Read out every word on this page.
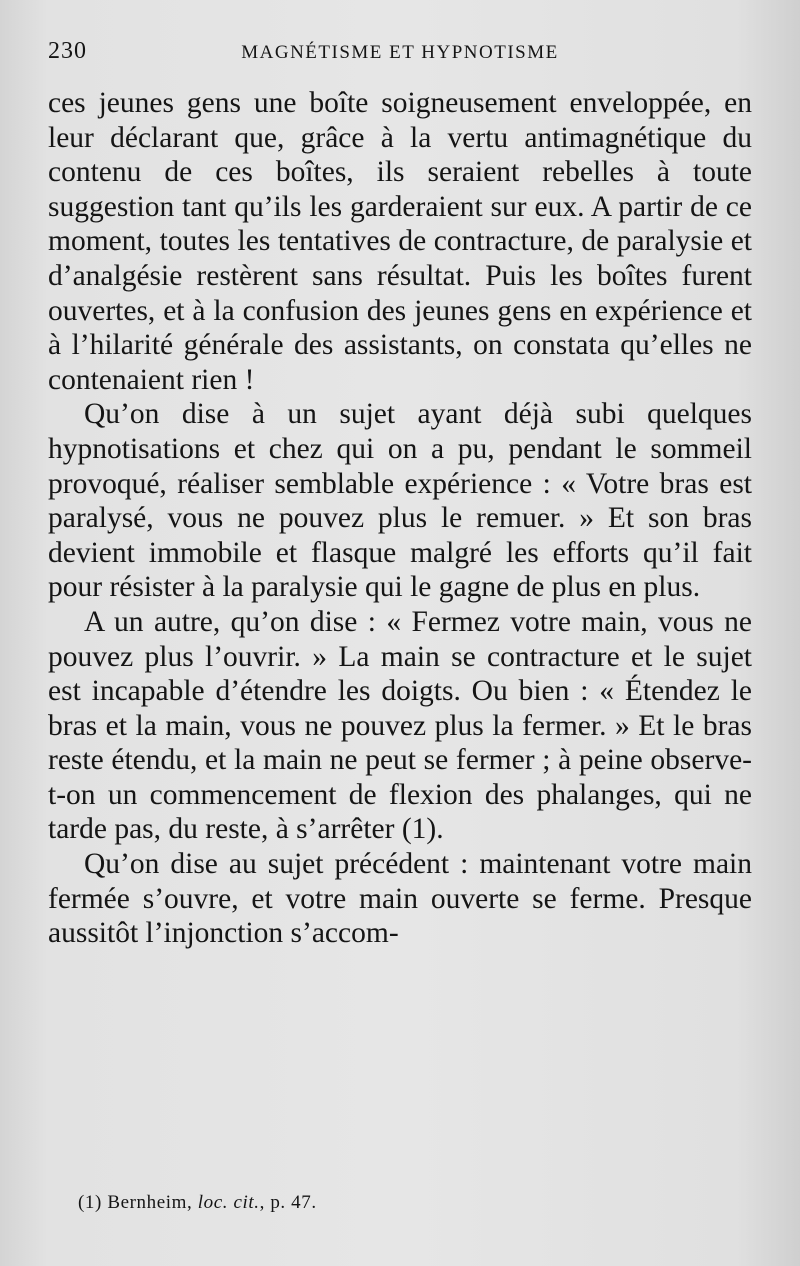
230	MAGNÉTISME ET HYPNOTISME

ces jeunes gens une boîte soigneusement enveloppée, en leur déclarant que, grâce à la vertu antimagnétique du contenu de ces boîtes, ils seraient rebelles à toute suggestion tant qu’ils les garderaient sur eux. A partir de ce moment, toutes les tentatives de contracture, de paralysie et d’analgésie restèrent sans résultat. Puis les boîtes furent ouvertes, et à la confusion des jeunes gens en expérience et à l’hilarité générale des assistants, on constata qu’elles ne contenaient rien !

Qu’on dise à un sujet ayant déjà subi quelques hypnotisations et chez qui on a pu, pendant le sommeil provoqué, réaliser semblable expérience : « Votre bras est paralysé, vous ne pouvez plus le remuer. » Et son bras devient immobile et flasque malgré les efforts qu’il fait pour résister à la paralysie qui le gagne de plus en plus.

A un autre, qu’on dise : « Fermez votre main, vous ne pouvez plus l’ouvrir. » La main se contracture et le sujet est incapable d’étendre les doigts. Ou bien : « Étendez le bras et la main, vous ne pouvez plus la fermer. » Et le bras reste étendu, et la main ne peut se fermer ; à peine observe-t-on un commencement de flexion des phalanges, qui ne tarde pas, du reste, à s’arrêter (1).

Qu’on dise au sujet précédent : maintenant votre main fermée s’ouvre, et votre main ouverte se ferme. Presque aussitôt l’injonction s’accom-

(1) Bernheim, loc. cit., p. 47.
